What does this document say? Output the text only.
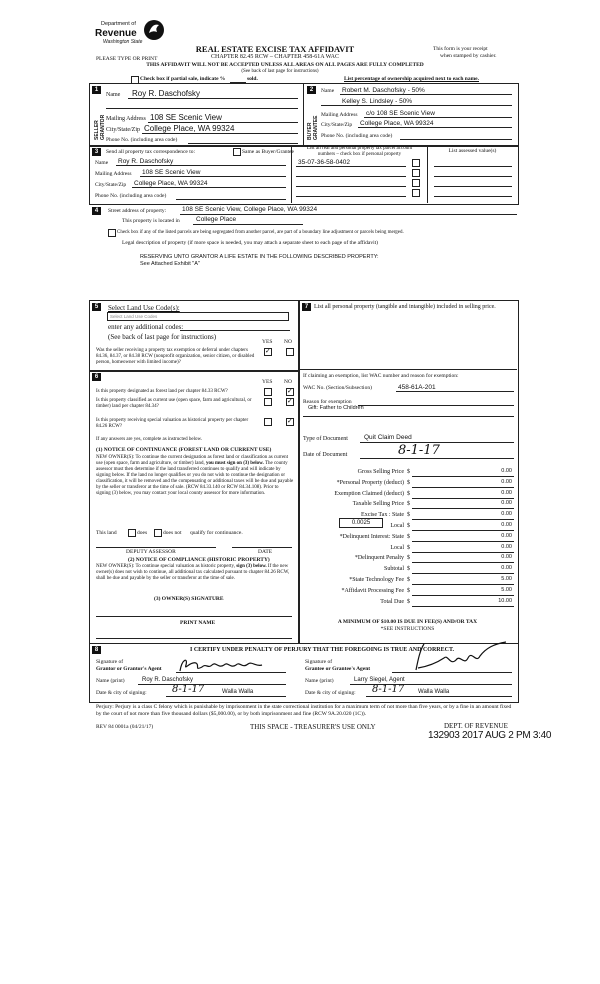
Department of
Revenue
Washington State
REAL ESTATE EXCISE TAX AFFIDAVIT
CHAPTER 82.45 RCW – CHAPTER 458-61A WAC
THIS AFFIDAVIT WILL NOT BE ACCEPTED UNLESS ALL AREAS ON ALL PAGES ARE FULLY COMPLETED
(See back of last page for instructions)
PLEASE TYPE OR PRINT
This form is your receipt
when stamped by cashier.
Check box if partial sale, indicate %	sold.	List percentage of ownership acquired next to each name.
1
SELLER GRANTOR
Name Roy R. Daschofsky
Mailing Address 108 SE Scenic View
City/State/Zip College Place, WA 99324
Phone No. (including area code)
2
BUYER GRANTEE
Name Robert M. Daschofsky - 50%
Kelley S. Lindsley - 50%
Mailing Address c/o 108 SE Scenic View
City/State/Zip College Place, WA 99324
Phone No. (including area code)
3	Send all property tax correspondence to:	Same as Buyer/Grantee
Name Roy R. Daschofsky
Mailing Address 108 SE Scenic View
City/State/Zip College Place, WA 99324
Phone No. (including area code)
List all real and personal property tax parcel account
numbers – check box if personal property
List assessed value(s)
35-07-36-58-0402
4	Street address of property: 108 SE Scenic View, College Place, WA 99324
This property is located in	College Place
Check box if any of the listed parcels are being segregated from another parcel, are part of a boundary line adjustment or parcels being merged.
Legal description of property (if more space is needed, you may attach a separate sheet to each page of the affidavit)
RESERVING UNTO GRANTOR A LIFE ESTATE IN THE FOLLOWING DESCRIBED PROPERTY:
See Attached Exhibit "A"
5	Select Land Use Code(s):
Select Land Use Codes
enter any additional codes:
(See back of last page for instructions)
YES NO
Was the seller receiving a property tax exemption or deferral under chapters 84.36, 84.37, or 84.38 RCW (nonprofit organization, senior citizen, or disabled person, homeowner with limited income)?
✓
6
YES NO
Is this property designated as forest land per chapter 84.33 RCW?
✓
Is this property classified as current use (open space, farm and agricultural, or timber) land per chapter 84.34?
✓
Is this property receiving special valuation as historical property per chapter 84.26 RCW?
✓
If any answers are yes, complete as instructed below.
(1) NOTICE OF CONTINUANCE (FOREST LAND OR CURRENT USE)
NEW OWNER(S): To continue the current designation as forest land or classification as current use (open space, farm and agriculture, or timber) land, you must sign on (3) below. The county assessor must then determine if the land transferred continues to qualify and will indicate by signing below. If the land no longer qualifies or you do not wish to continue the designation or classification, it will be removed and the compensating or additional taxes will be due and payable by the seller or transferor at the time of sale. (RCW 84.33.140 or RCW 84.34.108). Prior to signing (3) below, you may contact your local county assessor for more information.
This land	does	does not qualify for continuance.
DEPUTY ASSESSOR	DATE
(2) NOTICE OF COMPLIANCE (HISTORIC PROPERTY)
NEW OWNER(S): To continue special valuation as historic property, sign (3) below. If the new owner(s) does not wish to continue, all additional tax calculated pursuant to chapter 84.26 RCW, shall be due and payable by the seller or transferor at the time of sale.
(3) OWNER(S) SIGNATURE
PRINT NAME
7 List all personal property (tangible and intangible) included in selling price.
If claiming an exemption, list WAC number and reason for exemption:
WAC No. (Section/Subsection)	458-61A-201
Reason for exemption
Gift: Father to Children
Type of Document Quit Claim Deed
Date of Document	8-1-17
Gross Selling Price $	0.00
*Personal Property (deduct) $	0.00
Exemption Claimed (deduct) $	0.00
Taxable Selling Price $	0.00
Excise Tax : State $	0.00
Local $	0.00
*Delinquent Interest: State $	0.00
Local $	0.00
*Delinquent Penalty $	0.00
Subtotal $	0.00
*State Technology Fee $	5.00
*Affidavit Processing Fee $	5.00
Total Due $	10.00
0.0025
A MINIMUM OF $10.00 IS DUE IN FEE(S) AND/OR TAX
*SEE INSTRUCTIONS
8	I CERTIFY UNDER PENALTY OF PERJURY THAT THE FOREGOING IS TRUE AND CORRECT.
Signature of
Grantor or Grantor's Agent
Signature of
Grantee or Grantee's Agent
Name (print)	Roy R. Daschofsky	Name (print)	Larry Siegel, Agent
Date & city of signing:	8-1-17	Walla Walla	Date & city of signing: 8-1-17 Walla Walla
Perjury: Perjury is a class C felony which is punishable by imprisonment in the state correctional institution for a maximum term of not more than five years, or by a fine in an amount fixed by the court of not more than five thousand dollars ($5,000.00), or by both imprisonment and fine (RCW 9A.20.020 (1C)).
REV 84 0001a (04/21/17)	THIS SPACE - TREASURER'S USE ONLY	DEPT. OF REVENUE
132903 2017 AUG 2 PM 3:40
